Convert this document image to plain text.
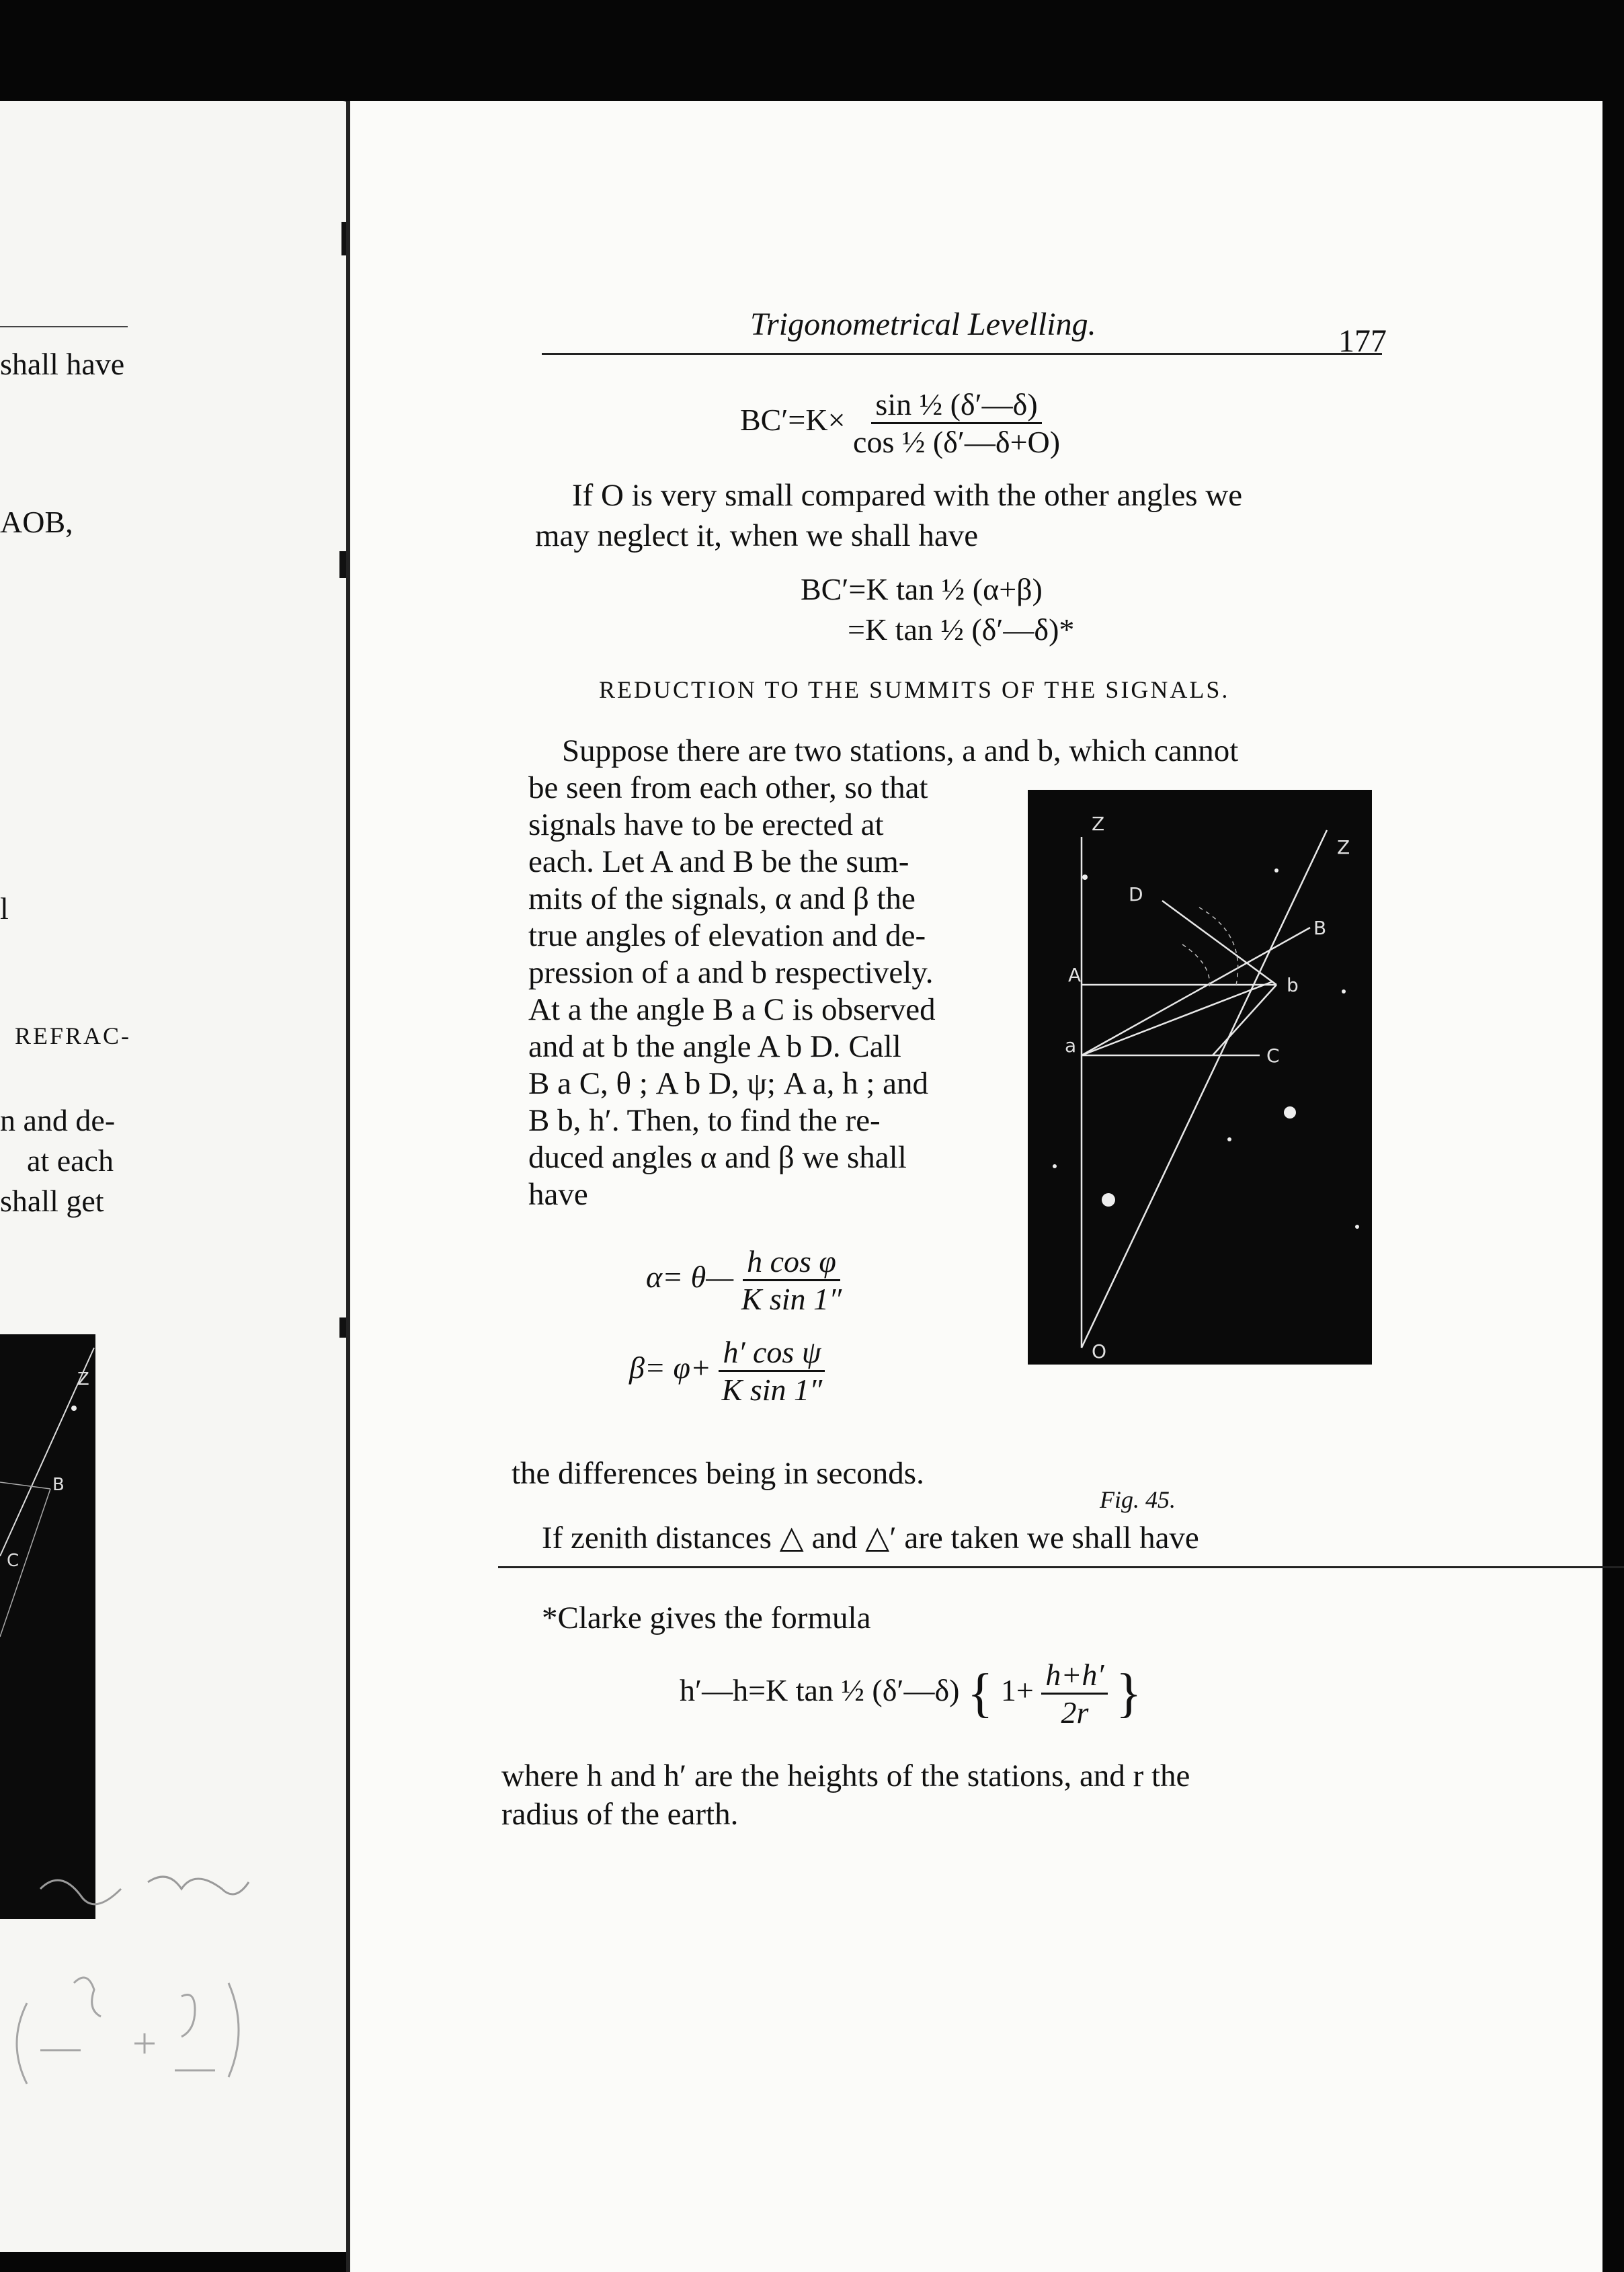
shall have
AOB,
l
REFRAC-
n and de-
at each
shall get
Z
B
C
Trigonometrical Levelling.	177
$BC'=K\times \frac{\text{sin ½ (δ′—δ)}}{\text{cos ½ (δ′—δ+O)}}$
If O is very small compared with the other angles we
may neglect it, when we shall have
BC′=K tan ½ (α+β)
=K tan ½ (δ′—δ)*
REDUCTION TO THE SUMMITS OF THE SIGNALS.
Suppose there are two stations, a and b, which cannot
be seen from each other, so that
signals have to be erected at
each. Let A and B be the sum-
mits of the signals, α and β the
true angles of elevation and de-
pression of a and b respectively.
At a the angle B a C is observed
and at b the angle A b D. Call
B a C, θ ; A b D, ψ; A a, h ; and
B b, h′. Then, to find the re-
duced angles α and β we shall
have
α= θ— $\frac{\text{h cos φ}}{\text{K sin 1″}}$
$\beta= \varphi+ \frac{\text{h′ cos ψ}}{\text{K sin 1″}}$
the differences being in seconds.
If zenith distances △ and △′ are taken we shall have
*Clarke gives the formula
h′—h=K tan ½ (δ′—δ) { $1+ \frac{h+h'}{2r}$ }
where h and h′ are the heights of the stations, and r the
radius of the earth.
Fig. 45.
Z
Z
D
B
A	b
a	C
O
